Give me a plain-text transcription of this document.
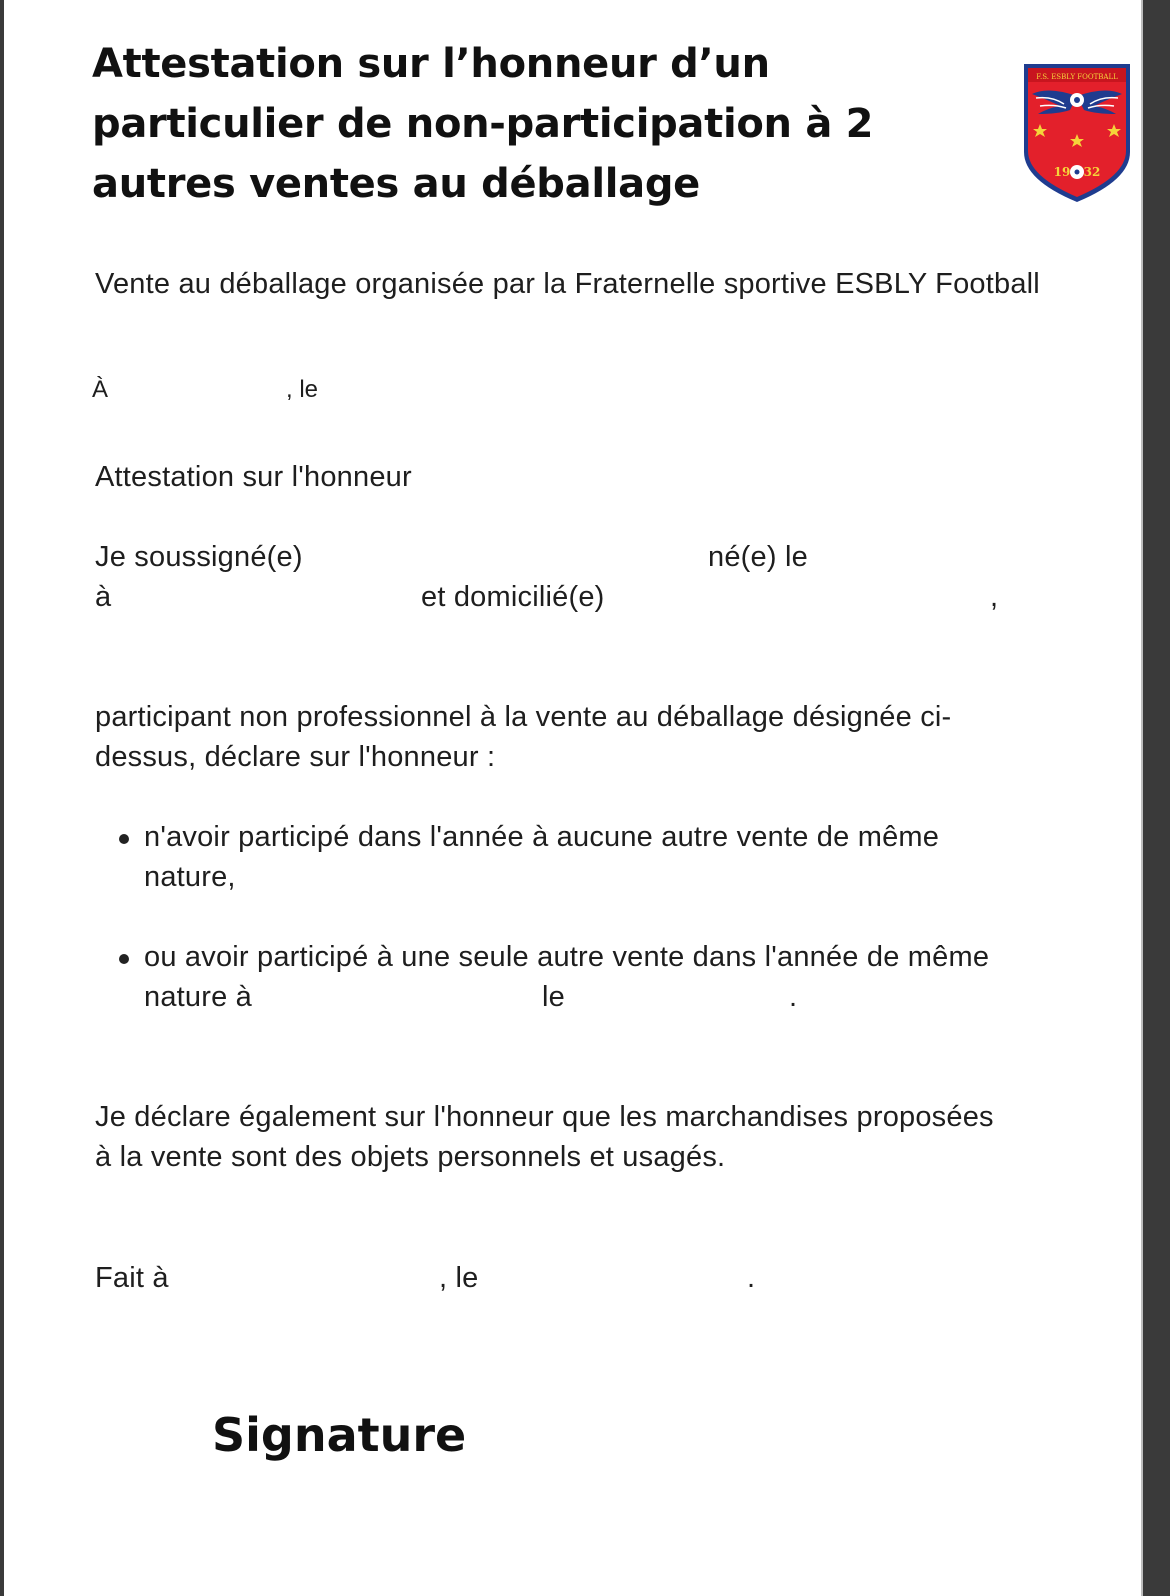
Attestation sur l’honneur d’un
particulier de non-participation à 2
autres ventes au déballage
F.S. ESBLY FOOTBALL
19 32
Vente au déballage organisée par la Fraternelle sportive ESBLY Football
À	, le
Attestation sur l'honneur
Je soussigné(e)	né(e) le
à	et domicilié(e)	,
participant non professionnel à la vente au déballage désignée ci-
dessus, déclare sur l'honneur :
n'avoir participé dans l'année à aucune autre vente de même
nature,
ou avoir participé à une seule autre vente dans l'année de même
nature à	le	.
Je déclare également sur l'honneur que les marchandises proposées
à la vente sont des objets personnels et usagés.
Fait à	, le	.
Signature
